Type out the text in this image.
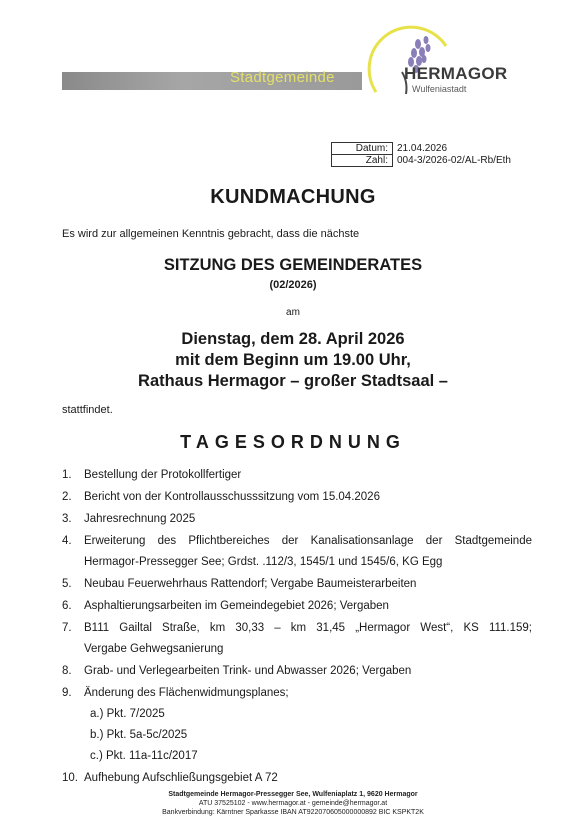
Stadtgemeinde	HERMAGOR
Wulfeniastadt
Datum:	21.04.2026
Zahl:	004-3/2026-02/AL-Rb/Eth
KUNDMACHUNG
Es wird zur allgemeinen Kenntnis gebracht, dass die nächste
SITZUNG DES GEMEINDERATES
(02/2026)
am
Dienstag, dem 28. April 2026
mit dem Beginn um 19.00 Uhr,
Rathaus Hermagor – großer Stadtsaal –
stattfindet.
TAGESORDNUNG
1. Bestellung der Protokollfertiger
2. Bericht von der Kontrollausschusssitzung vom 15.04.2026
3. Jahresrechnung 2025
4. Erweiterung des Pflichtbereiches der Kanalisationsanlage der Stadtgemeinde
Hermagor-Pressegger See; Grdst. .112/3, 1545/1 und 1545/6, KG Egg
5. Neubau Feuerwehrhaus Rattendorf; Vergabe Baumeisterarbeiten
6. Asphaltierungsarbeiten im Gemeindegebiet 2026; Vergaben
7. B111 Gailtal Straße, km 30,33 – km 31,45 „Hermagor West“, KS 111.159;
Vergabe Gehwegsanierung
8. Grab- und Verlegearbeiten Trink- und Abwasser 2026; Vergaben
9. Änderung des Flächenwidmungsplanes;
a.) Pkt. 7/2025
b.) Pkt. 5a-5c/2025
c.) Pkt. 11a-11c/2017
10. Aufhebung Aufschließungsgebiet A 72
Stadtgemeinde Hermagor-Pressegger See, Wulfeniaplatz 1, 9620 Hermagor
ATU 37525102 - www.hermagor.at - gemeinde@hermagor.at
Bankverbindung: Kärntner Sparkasse IBAN AT922070605000000892 BIC KSPKT2K
